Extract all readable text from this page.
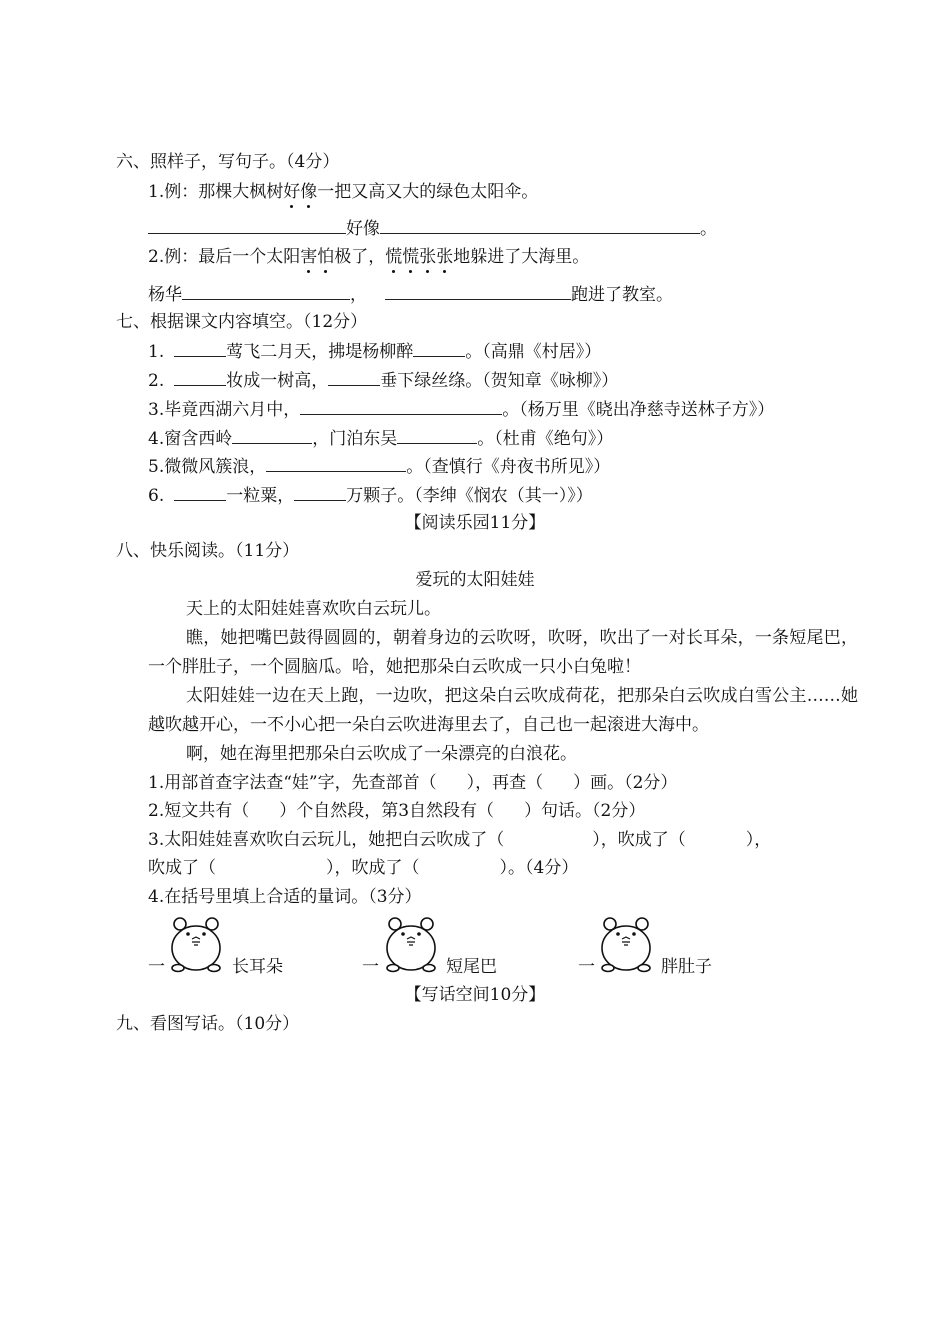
六、照样子，写句子。（4分）
1.例：那棵大枫树好像一把又高又大的绿色太阳伞。
好像	。
2.例：最后一个太阳害怕极了，慌慌张张地躲进了大海里。
杨华	，	跑进了教室。
七、根据课文内容填空。（12分）
1.	莺飞二月天，拂堤杨柳醉	。（高鼎《村居》）
2.	妆成一树高，	垂下绿丝绦。（贺知章《咏柳》）
3.毕竟西湖六月中，	。（杨万里《晓出净慈寺送林子方》）
4.窗含西岭	，门泊东吴	。（杜甫《绝句》）
5.微微风簇浪，	。（查慎行《舟夜书所见》）
6.	一粒粟，	万颗子。（李绅《悯农（其一）》）
【阅读乐园11分】
八、快乐阅读。（11分）
爱玩的太阳娃娃
天上的太阳娃娃喜欢吹白云玩儿。
瞧，她把嘴巴鼓得圆圆的，朝着身边的云吹呀，吹呀，吹出了一对长耳朵，一条短尾巴，一个胖肚子，一个圆脑瓜。哈，她把那朵白云吹成一只小白兔啦！
太阳娃娃一边在天上跑，一边吹，把这朵白云吹成荷花，把那朵白云吹成白雪公主……她越吹越开心，一不小心把一朵白云吹进海里去了，自己也一起滚进大海中。
啊，她在海里把那朵白云吹成了一朵漂亮的白浪花。
1.用部首查字法查“娃”字，先查部首（ ），再查（ ）画。（2分）
2.短文共有（ ）个自然段，第3自然段有（ ）句话。（2分）
3.太阳娃娃喜欢吹白云玩儿，她把白云吹成了（	），吹成了（	），
吹成了（	），吹成了（	）。（4分）
4.在括号里填上合适的量词。（3分）
一	长耳朵	一	短尾巴	一	胖肚子
【写话空间10分】
九、看图写话。（10分）
